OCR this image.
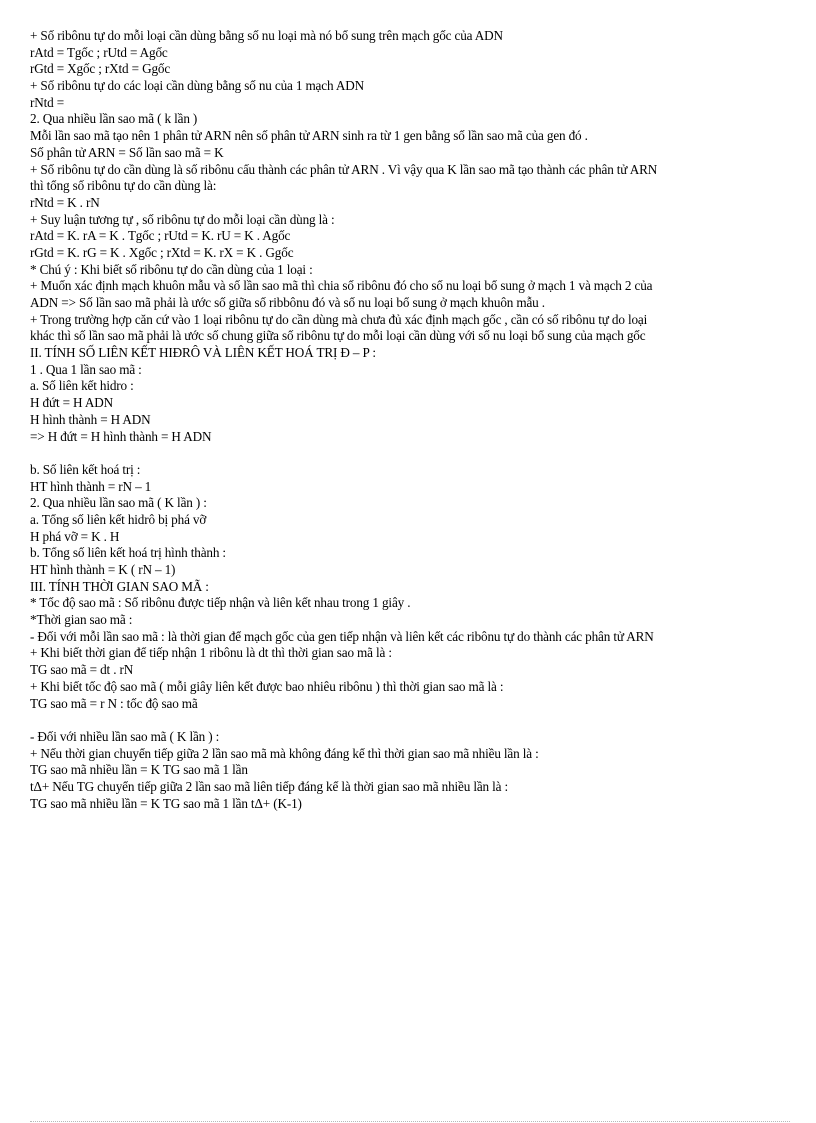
+ Số ribônu tự do mỗi loại cần dùng bằng số nu loại mà nó bổ sung trên mạch gốc của ADN
rAtd = Tgốc ; rUtd = Agốc
rGtd = Xgốc ; rXtd = Ggốc
+ Số ribônu tự do các loại cần dùng bằng số nu của 1 mạch ADN
rNtd =
2. Qua nhiều lần sao mã ( k lần )
Mỗi lần sao mã tạo nên 1 phân tử ARN nên số phân tử ARN sinh ra từ 1 gen bằng số lần sao mã của gen đó .
Số phân tử ARN = Số lần sao mã = K
+ Số ribônu tự do cần dùng là số ribônu cấu thành các phân tử ARN . Vì vậy qua K lần sao mã tạo thành các phân tử ARN
thì tổng số ribônu tự do cần dùng là:
rNtd = K . rN
+ Suy luận tương tự , số ribônu tự do mỗi loại cần dùng là :
rAtd = K. rA = K . Tgốc ; rUtd = K. rU = K . Agốc
rGtd = K. rG = K . Xgốc ; rXtd = K. rX = K . Ggốc
* Chú ý : Khi biết số ribônu tự do cần dùng của 1 loại :
+ Muốn xác định mạch khuôn mẫu và số lần sao mã thì chia số ribônu đó cho số nu loại bổ sung ở mạch 1 và mạch 2 của
ADN => Số lần sao mã phải là ước số giữa số ribbônu đó và số nu loại bổ sung ở mạch khuôn mẫu .
+ Trong trường hợp căn cứ vào 1 loại ribônu tự do cần dùng mà chưa đủ xác định mạch gốc , cần có số ribônu tự do loại
khác thì số lần sao mã phải là ước số chung giữa số ribônu tự do mỗi loại cần dùng với số nu loại bổ sung của mạch gốc
II. TÍNH SỐ LIÊN KẾT HIĐRÔ VÀ LIÊN KẾT HOÁ TRỊ Đ – P :
1 . Qua 1 lần sao mã :
a. Số liên kết hidro :
H đứt = H ADN
H hình thành = H ADN
=> H đứt = H hình thành = H ADN
b. Số liên kết hoá trị :
HT hình thành = rN – 1
2. Qua nhiều lần sao mã ( K lần ) :
a. Tổng số liên kết hidrô bị phá vỡ
H phá vỡ = K . H
b. Tổng số liên kết hoá trị hình thành :
HT hình thành = K ( rN – 1)
III. TÍNH THỜI GIAN SAO MÃ :
* Tốc độ sao mã : Số ribônu được tiếp nhận và liên kết nhau trong 1 giây .
*Thời gian sao mã :
- Đối với mỗi lần sao mã : là thời gian để mạch gốc của gen tiếp nhận và liên kết các ribônu tự do thành các phân tử ARN
+ Khi biết thời gian để tiếp nhận 1 ribônu là dt thì thời gian sao mã là :
TG sao mã = dt . rN
+ Khi biết tốc độ sao mã ( mỗi giây liên kết được bao nhiêu ribônu ) thì thời gian sao mã là :
TG sao mã = r N : tốc độ sao mã
- Đối với nhiều lần sao mã ( K lần ) :
+ Nếu thời gian chuyển tiếp giữa 2 lần sao mã mà không đáng kể thì thời gian sao mã nhiều lần là :
TG sao mã nhiều lần = K TG sao mã 1 lần
tΔ+ Nếu TG chuyển tiếp giữa 2 lần sao mã liên tiếp đáng kể là thời gian sao mã nhiều lần là :
TG sao mã nhiều lần = K TG sao mã 1 lần tΔ+ (K-1)
